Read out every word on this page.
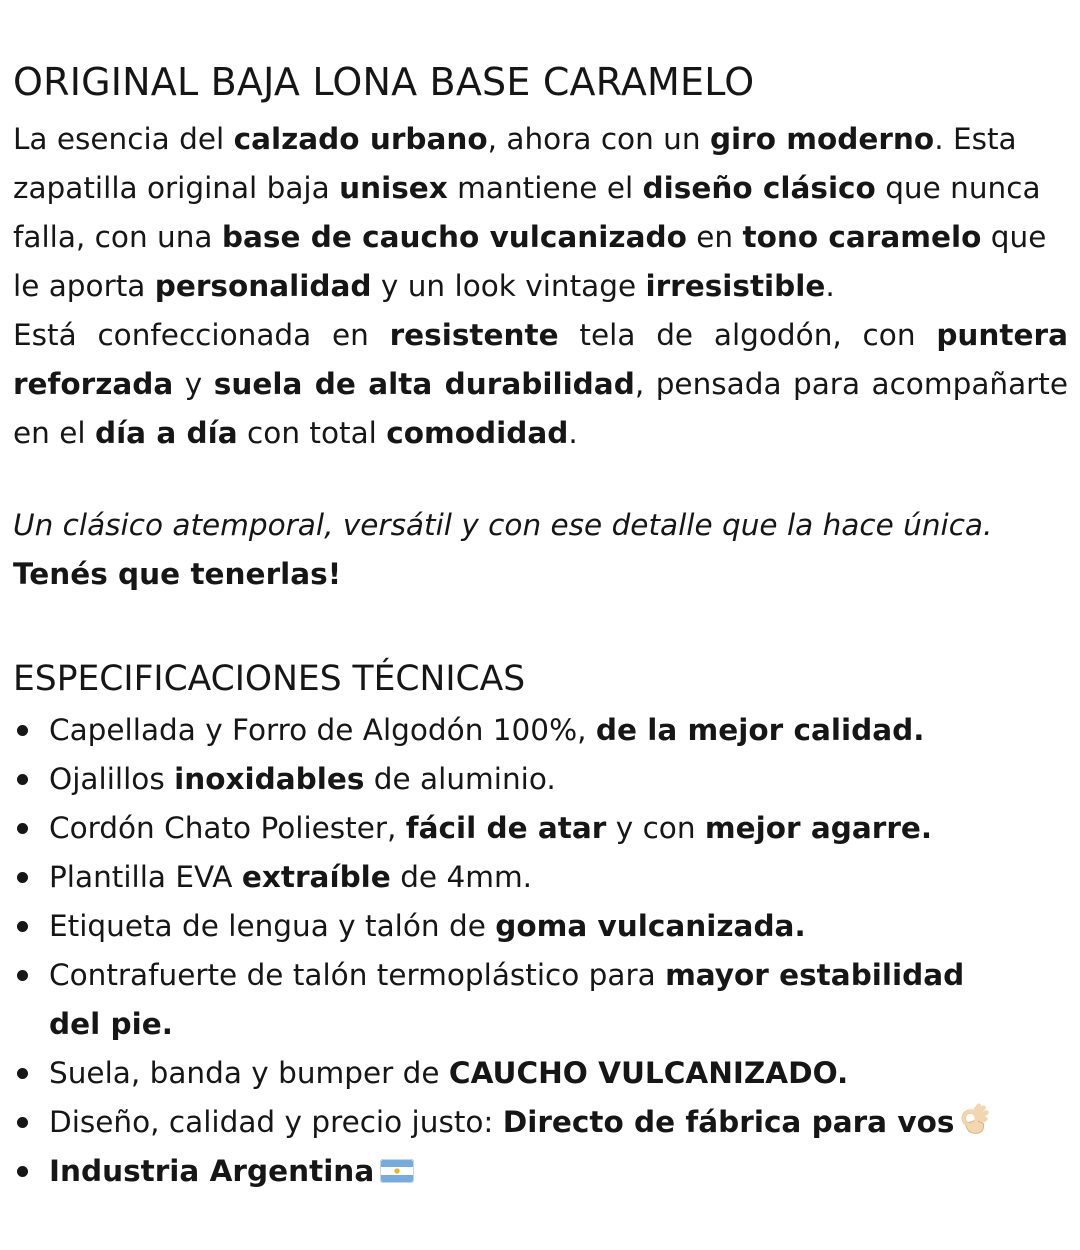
ORIGINAL BAJA LONA BASE CARAMELO

La esencia del calzado urbano, ahora con un giro moderno. Esta zapatilla original baja unisex mantiene el diseño clásico que nunca falla, con una base de caucho vulcanizado en tono caramelo que le aporta personalidad y un look vintage irresistible.

Está confeccionada en resistente tela de algodón, con puntera reforzada y suela de alta durabilidad, pensada para acompañarte en el día a día con total comodidad.

Un clásico atemporal, versátil y con ese detalle que la hace única.

Tenés que tenerlas!

ESPECIFICACIONES TÉCNICAS
Capellada y Forro de Algodón 100%, de la mejor calidad.
Ojalillos inoxidables de aluminio.
Cordón Chato Poliester, fácil de atar y con mejor agarre.
Plantilla EVA extraíble de 4mm.
Etiqueta de lengua y talón de goma vulcanizada.
Contrafuerte de talón termoplástico para mayor estabilidad del pie.
Suela, banda y bumper de CAUCHO VULCANIZADO.
Diseño, calidad y precio justo: Directo de fábrica para vos
Industria Argentina
